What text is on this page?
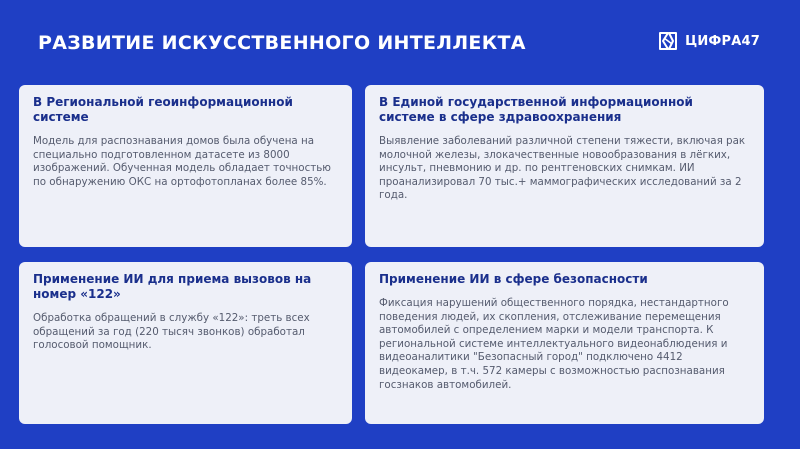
РАЗВИТИЕ ИСКУССТВЕННОГО ИНТЕЛЛЕКТА	ЦИФРА47

В Региональной геоинформационной системе

Модель для распознавания домов была обучена на специально подготовленном датасете из 8000 изображений. Обученная модель обладает точностью по обнаружению ОКС на ортофотопланах более 85%.

В Единой государственной информационной системе в сфере здравоохранения

Выявление заболеваний различной степени тяжести, включая рак молочной железы, злокачественные новообразования в лёгких, инсульт, пневмонию и др. по рентгеновских снимкам. ИИ проанализировал 70 тыс.+ маммографических исследований за 2 года.

Применение ИИ для приема вызовов на номер «122»

Обработка обращений в службу «122»: треть всех обращений за год (220 тысяч звонков) обработал голосовой помощник.

Применение ИИ в сфере безопасности

Фиксация нарушений общественного порядка, нестандартного поведения людей, их скопления, отслеживание перемещения автомобилей с определением марки и модели транспорта. К региональной системе интеллектуального видеонаблюдения и видеоаналитики "Безопасный город" подключено 4412 видеокамер, в т.ч. 572 камеры с возможностью распознавания госзнаков автомобилей.
